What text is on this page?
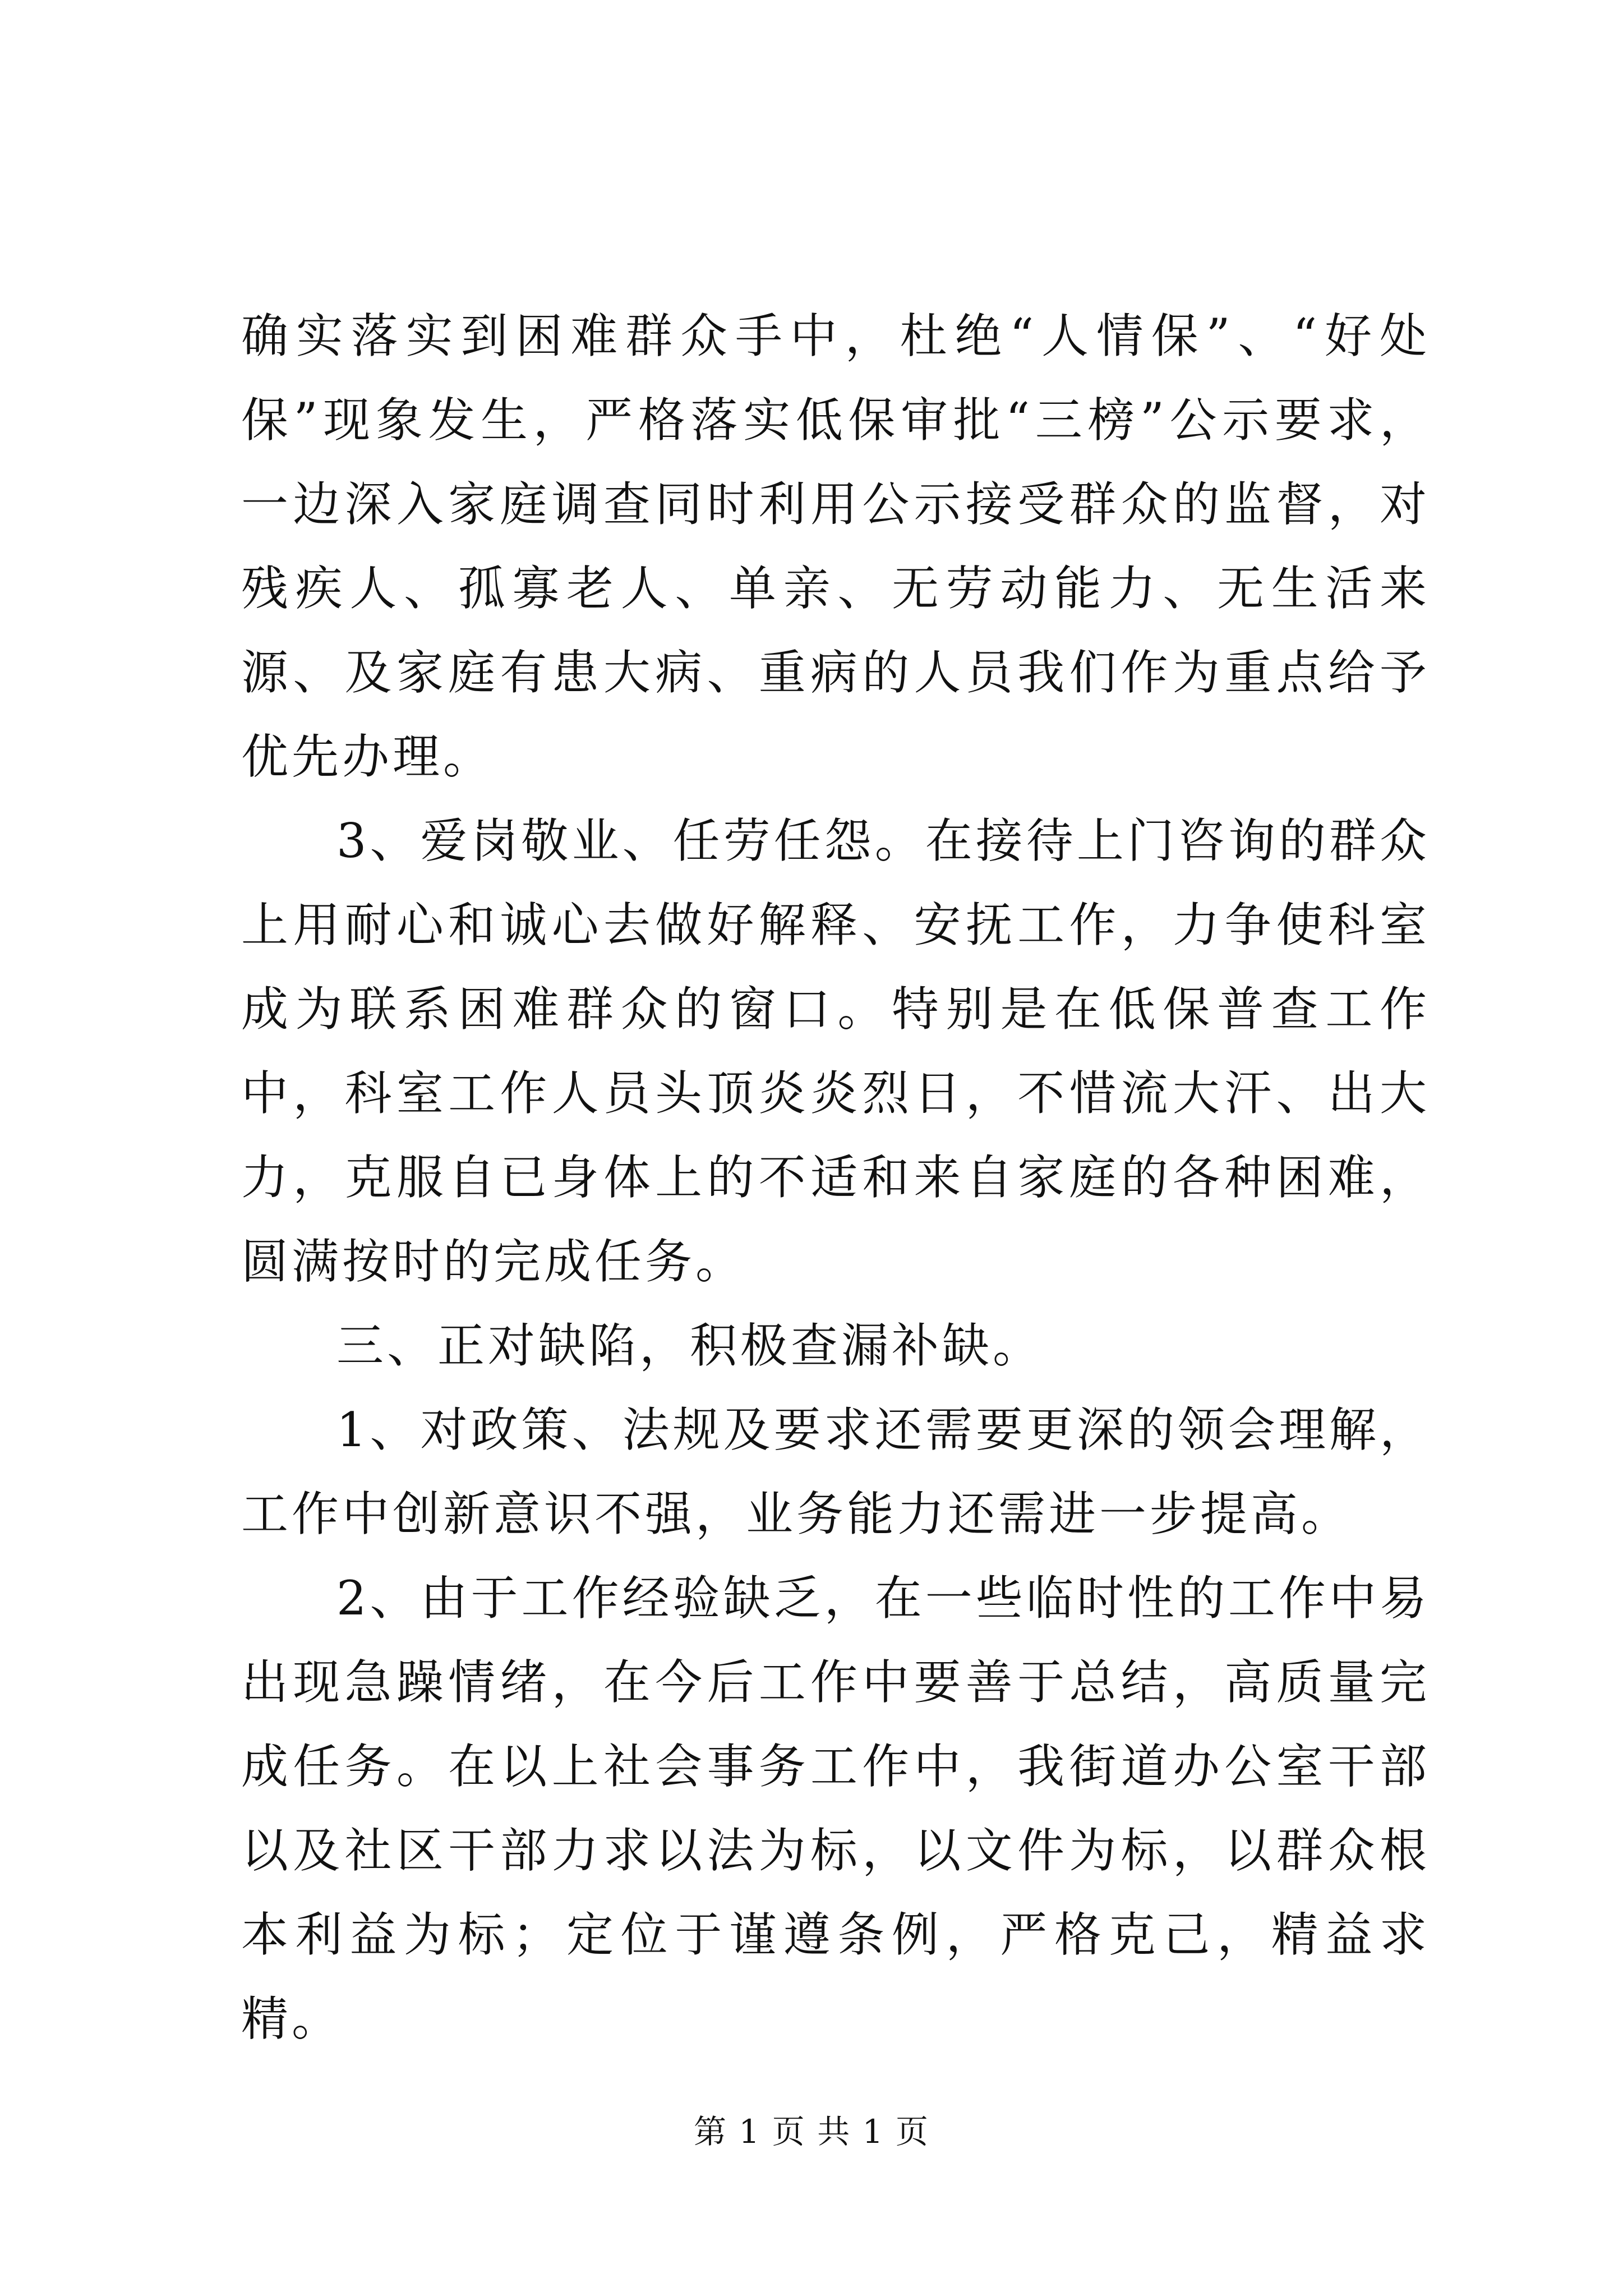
确实落实到困难群众手中，杜绝“人情保”、“好处保”现象发生，严格落实低保审批“三榜”公示要求，一边深入家庭调查同时利用公示接受群众的监督，对残疾人、孤寡老人、单亲、无劳动能力、无生活来源、及家庭有患大病、重病的人员我们作为重点给予优先办理。

3、爱岗敬业、任劳任怨。在接待上门咨询的群众上用耐心和诚心去做好解释、安抚工作，力争使科室成为联系困难群众的窗口。特别是在低保普查工作中，科室工作人员头顶炎炎烈日，不惜流大汗、出大力，克服自已身体上的不适和来自家庭的各种困难，圆满按时的完成任务。

三、正对缺陷，积极查漏补缺。

1、对政策、法规及要求还需要更深的领会理解，工作中创新意识不强，业务能力还需进一步提高。

2、由于工作经验缺乏，在一些临时性的工作中易出现急躁情绪，在今后工作中要善于总结，高质量完成任务。在以上社会事务工作中，我街道办公室干部以及社区干部力求以法为标，以文件为标，以群众根本利益为标；定位于谨遵条例，严格克己，精益求精。

第 1 页 共 1 页
